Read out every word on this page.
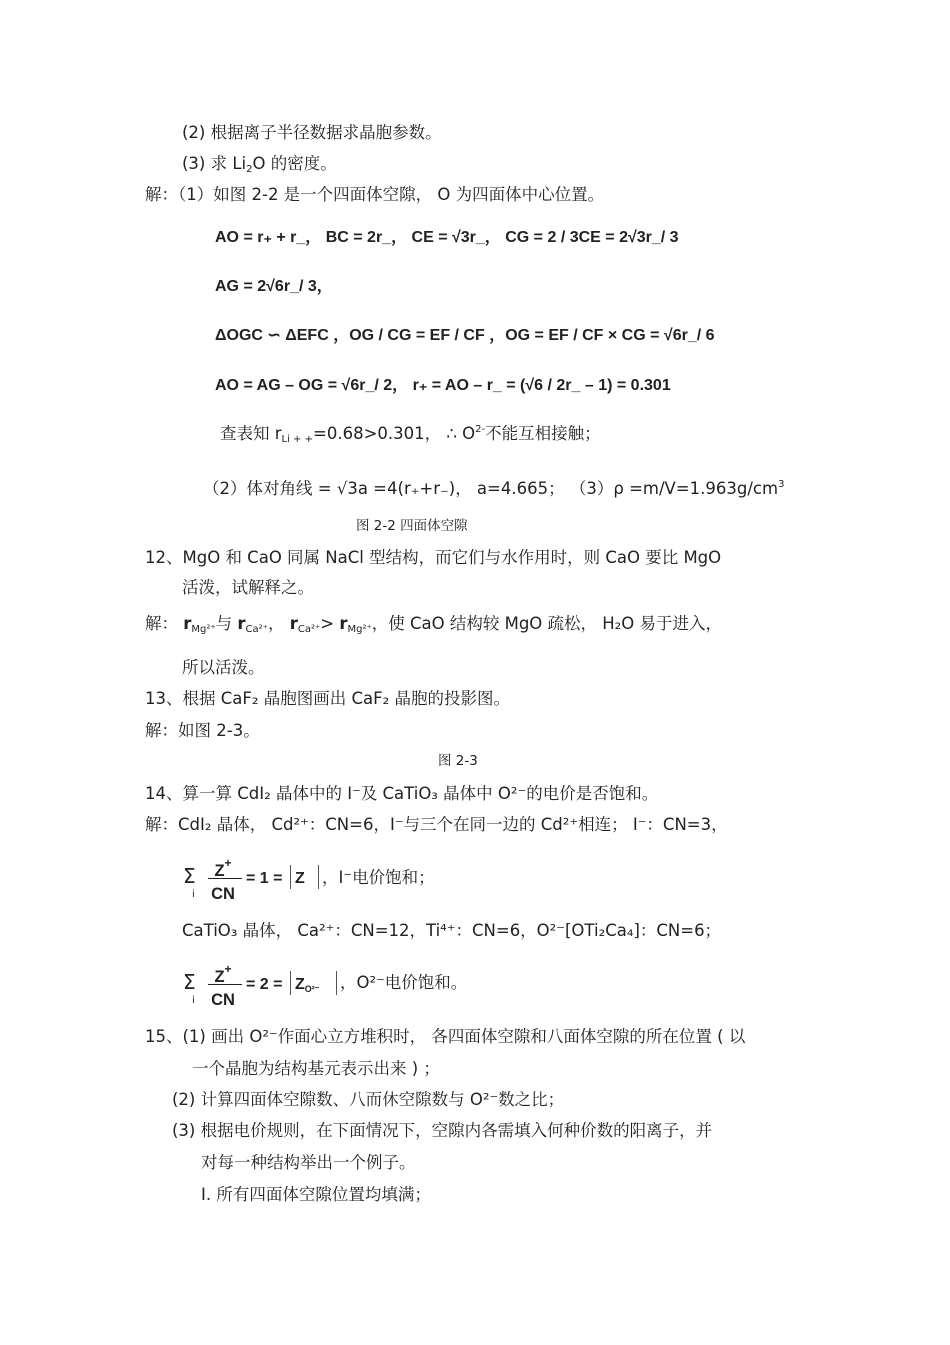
(2) 根据离子半径数据求晶胞参数。
(3) 求 $Li_2O$ 的密度。
解：（1）如图 2-2 是一个四面体空隙， O 为四面体中心位置。
AO = r₊ + r_， BC = 2r_， CE = √3r_， CG = 2 / 3CE = 2√3r_/ 3
AG = 2√6r_/ 3，
ΔOGC ∽ ΔEFC ，OG / CG = EF / CF ，OG = EF / CF × CG = √6r_/ 6
AO = AG – OG = √6r_/ 2， r₊ = AO – r_ = (√6 / 2r_ – 1) = 0.301
查表知 $r_{Li + +}=0.68>0.301$， ∴ $O^{2-}$不能互相接触；
（2）体对角线 = √3a =4(r₊+r₋)， a=4.665； $(3)\rho =m/V=1.963g/cm^3$
图 2-2 四面体空隙
12、MgO 和 CaO 同属 NaCl 型结构，而它们与水作用时，则 CaO 要比 MgO
活泼，试解释之。
解： $r_{Mg^{2+}}$与 $r_{Ca^{2+}}$， $r_{Ca^{2+}}> r_{Mg^{2+}}$，使 CaO 结构较 MgO 疏松， H₂O 易于进入，
所以活泼。
13、根据 CaF₂ 晶胞图画出 CaF₂ 晶胞的投影图。
解：如图 2-3。
图 2-3
14、算一算 CdI₂ 晶体中的 I⁻及 CaTiO₃ 晶体中 O²⁻的电价是否饱和。
解：CdI₂ 晶体， Cd²⁺：CN=6，I⁻与三个在同一边的 Cd²⁺相连； I⁻：CN=3，
Σ
i
Z+
CN
= 1 = Z ，I⁻电价饱和；
CaTiO₃ 晶体， Ca²⁺：CN=12，Ti⁴⁺：CN=6，O²⁻[OTi₂Ca₄]：CN=6；
Σ
i
Z+
CN
= $2 = Z_{O^{2-}}$ ，O²⁻电价饱和。
15、(1) 画出 O²⁻作面心立方堆积时， 各四面体空隙和八面体空隙的所在位置 ( 以
一个晶胞为结构基元表示出来 ) ；
(2) 计算四面体空隙数、八而休空隙数与 O²⁻数之比；
(3) 根据电价规则，在下面情况下，空隙内各需填入何种价数的阳离子，并
对每一种结构举出一个例子。
I. 所有四面体空隙位置均填满；
